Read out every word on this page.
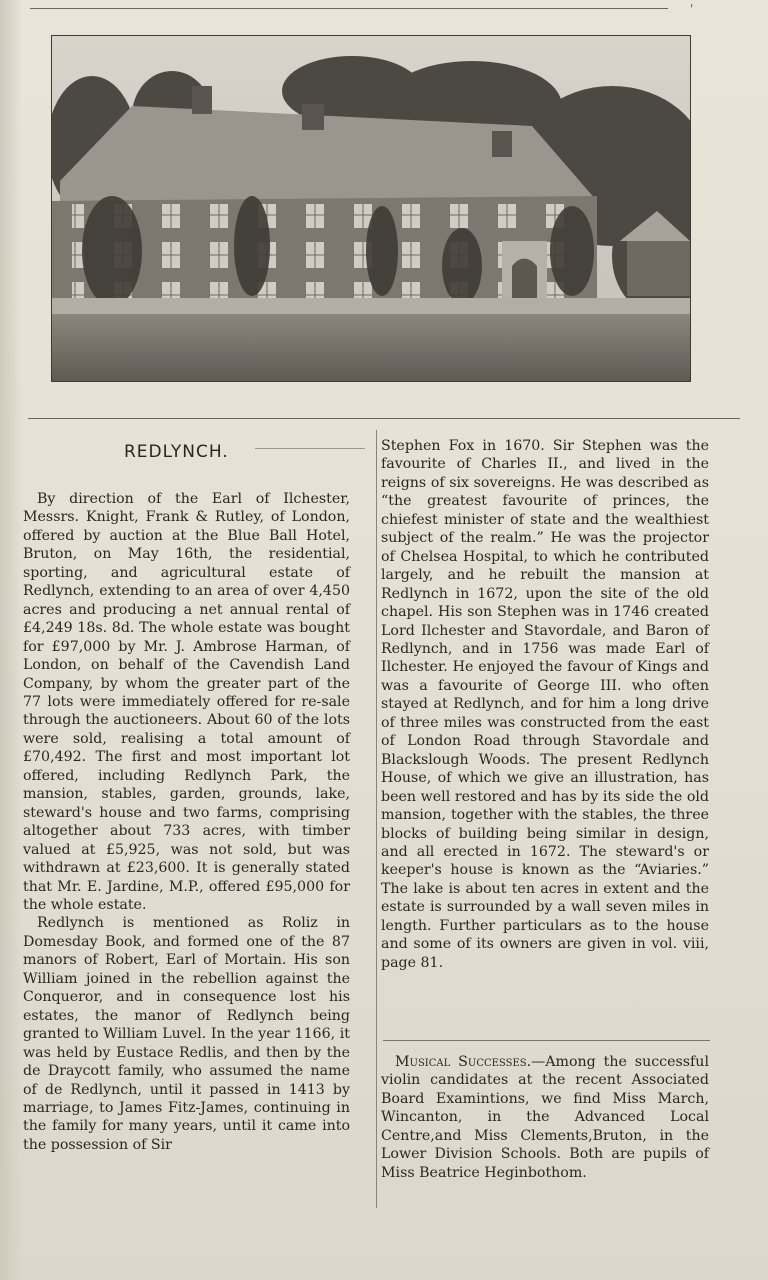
'
REDLYNCH.

By direction of the Earl of Ilchester, Messrs. Knight, Frank & Rutley, of London, offered by auction at the Blue Ball Hotel, Bruton, on May 16th, the residential, sporting, and agricultural estate of Redlynch, extending to an area of over 4,450 acres and producing a net annual rental of £4,249 18s. 8d. The whole estate was bought for £97,000 by Mr. J. Ambrose Harman, of London, on behalf of the Cavendish Land Company, by whom the greater part of the 77 lots were immediately offered for re-sale through the auctioneers. About 60 of the lots were sold, realising a total amount of £70,492. The first and most important lot offered, including Redlynch Park, the mansion, stables, garden, grounds, lake, steward's house and two farms, comprising altogether about 733 acres, with timber valued at £5,925, was not sold, but was withdrawn at £23,600. It is generally stated that Mr. E. Jardine, M.P., offered £95,000 for the whole estate.

Redlynch is mentioned as Roliz in Domesday Book, and formed one of the 87 manors of Robert, Earl of Mortain. His son William joined in the rebellion against the Conqueror, and in consequence lost his estates, the manor of Redlynch being granted to William Luvel. In the year 1166, it was held by Eustace Redlis, and then by the de Draycott family, who assumed the name of de Redlynch, until it passed in 1413 by marriage, to James Fitz-James, continuing in the family for many years, until it came into the possession of Sir

Stephen Fox in 1670. Sir Stephen was the favourite of Charles II., and lived in the reigns of six sovereigns. He was described as “the greatest favourite of princes, the chiefest minister of state and the wealthiest subject of the realm.” He was the projector of Chelsea Hospital, to which he contributed largely, and he rebuilt the mansion at Redlynch in 1672, upon the site of the old chapel. His son Stephen was in 1746 created Lord Ilchester and Stavordale, and Baron of Redlynch, and in 1756 was made Earl of Ilchester. He enjoyed the favour of Kings and was a favourite of George III. who often stayed at Redlynch, and for him a long drive of three miles was constructed from the east of London Road through Stavordale and Blackslough Woods. The present Redlynch House, of which we give an illustration, has been well restored and has by its side the old mansion, together with the stables, the three blocks of building being similar in design, and all erected in 1672. The steward's or keeper's house is known as the “Aviaries.” The lake is about ten acres in extent and the estate is surrounded by a wall seven miles in length. Further particulars as to the house and some of its owners are given in vol. viii, page 81.

Musical Successes.—Among the successful violin candidates at the recent Associated Board Examintions, we find Miss March, Wincanton, in the Advanced Local Centre,and Miss Clements,Bruton, in the Lower Division Schools. Both are pupils of Miss Beatrice Heginbothom.
